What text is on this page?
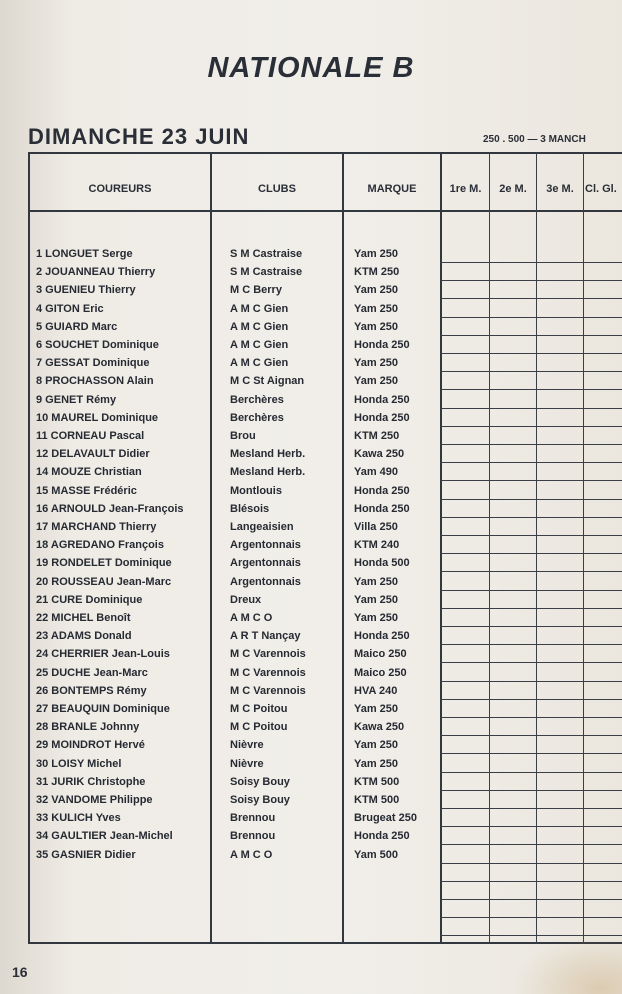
NATIONALE B
DIMANCHE 23 JUIN	250 . 500 — 3 MANCH
COUREURS	CLUBS	MARQUE	1re M.	2e M.	3e M.	Cl. Gl.
1 LONGUET Serge	S M Castraise	Yam 250
2 JOUANNEAU Thierry	S M Castraise	KTM 250
3 GUENIEU Thierry	M C Berry	Yam 250
4 GITON Eric	A M C Gien	Yam 250
5 GUIARD Marc	A M C Gien	Yam 250
6 SOUCHET Dominique	A M C Gien	Honda 250
7 GESSAT Dominique	A M C Gien	Yam 250
8 PROCHASSON Alain	M C St Aignan	Yam 250
9 GENET Rémy	Berchères	Honda 250
10 MAUREL Dominique	Berchères	Honda 250
11 CORNEAU Pascal	Brou	KTM 250
12 DELAVAULT Didier	Mesland Herb.	Kawa 250
14 MOUZE Christian	Mesland Herb.	Yam 490
15 MASSE Frédéric	Montlouis	Honda 250
16 ARNOULD Jean-François	Blésois	Honda 250
17 MARCHAND Thierry	Langeaisien	Villa 250
18 AGREDANO François	Argentonnais	KTM 240
19 RONDELET Dominique	Argentonnais	Honda 500
20 ROUSSEAU Jean-Marc	Argentonnais	Yam 250
21 CURE Dominique	Dreux	Yam 250
22 MICHEL Benoît	A M C O	Yam 250
23 ADAMS Donald	A R T Nançay	Honda 250
24 CHERRIER Jean-Louis	M C Varennois	Maico 250
25 DUCHE Jean-Marc	M C Varennois	Maico 250
26 BONTEMPS Rémy	M C Varennois	HVA 240
27 BEAUQUIN Dominique	M C Poitou	Yam 250
28 BRANLE Johnny	M C Poitou	Kawa 250
29 MOINDROT Hervé	Nièvre	Yam 250
30 LOISY Michel	Nièvre	Yam 250
31 JURIK Christophe	Soisy Bouy	KTM 500
32 VANDOME Philippe	Soisy Bouy	KTM 500
33 KULICH Yves	Brennou	Brugeat 250
34 GAULTIER Jean-Michel	Brennou	Honda 250
35 GASNIER Didier	A M C O	Yam 500
16
